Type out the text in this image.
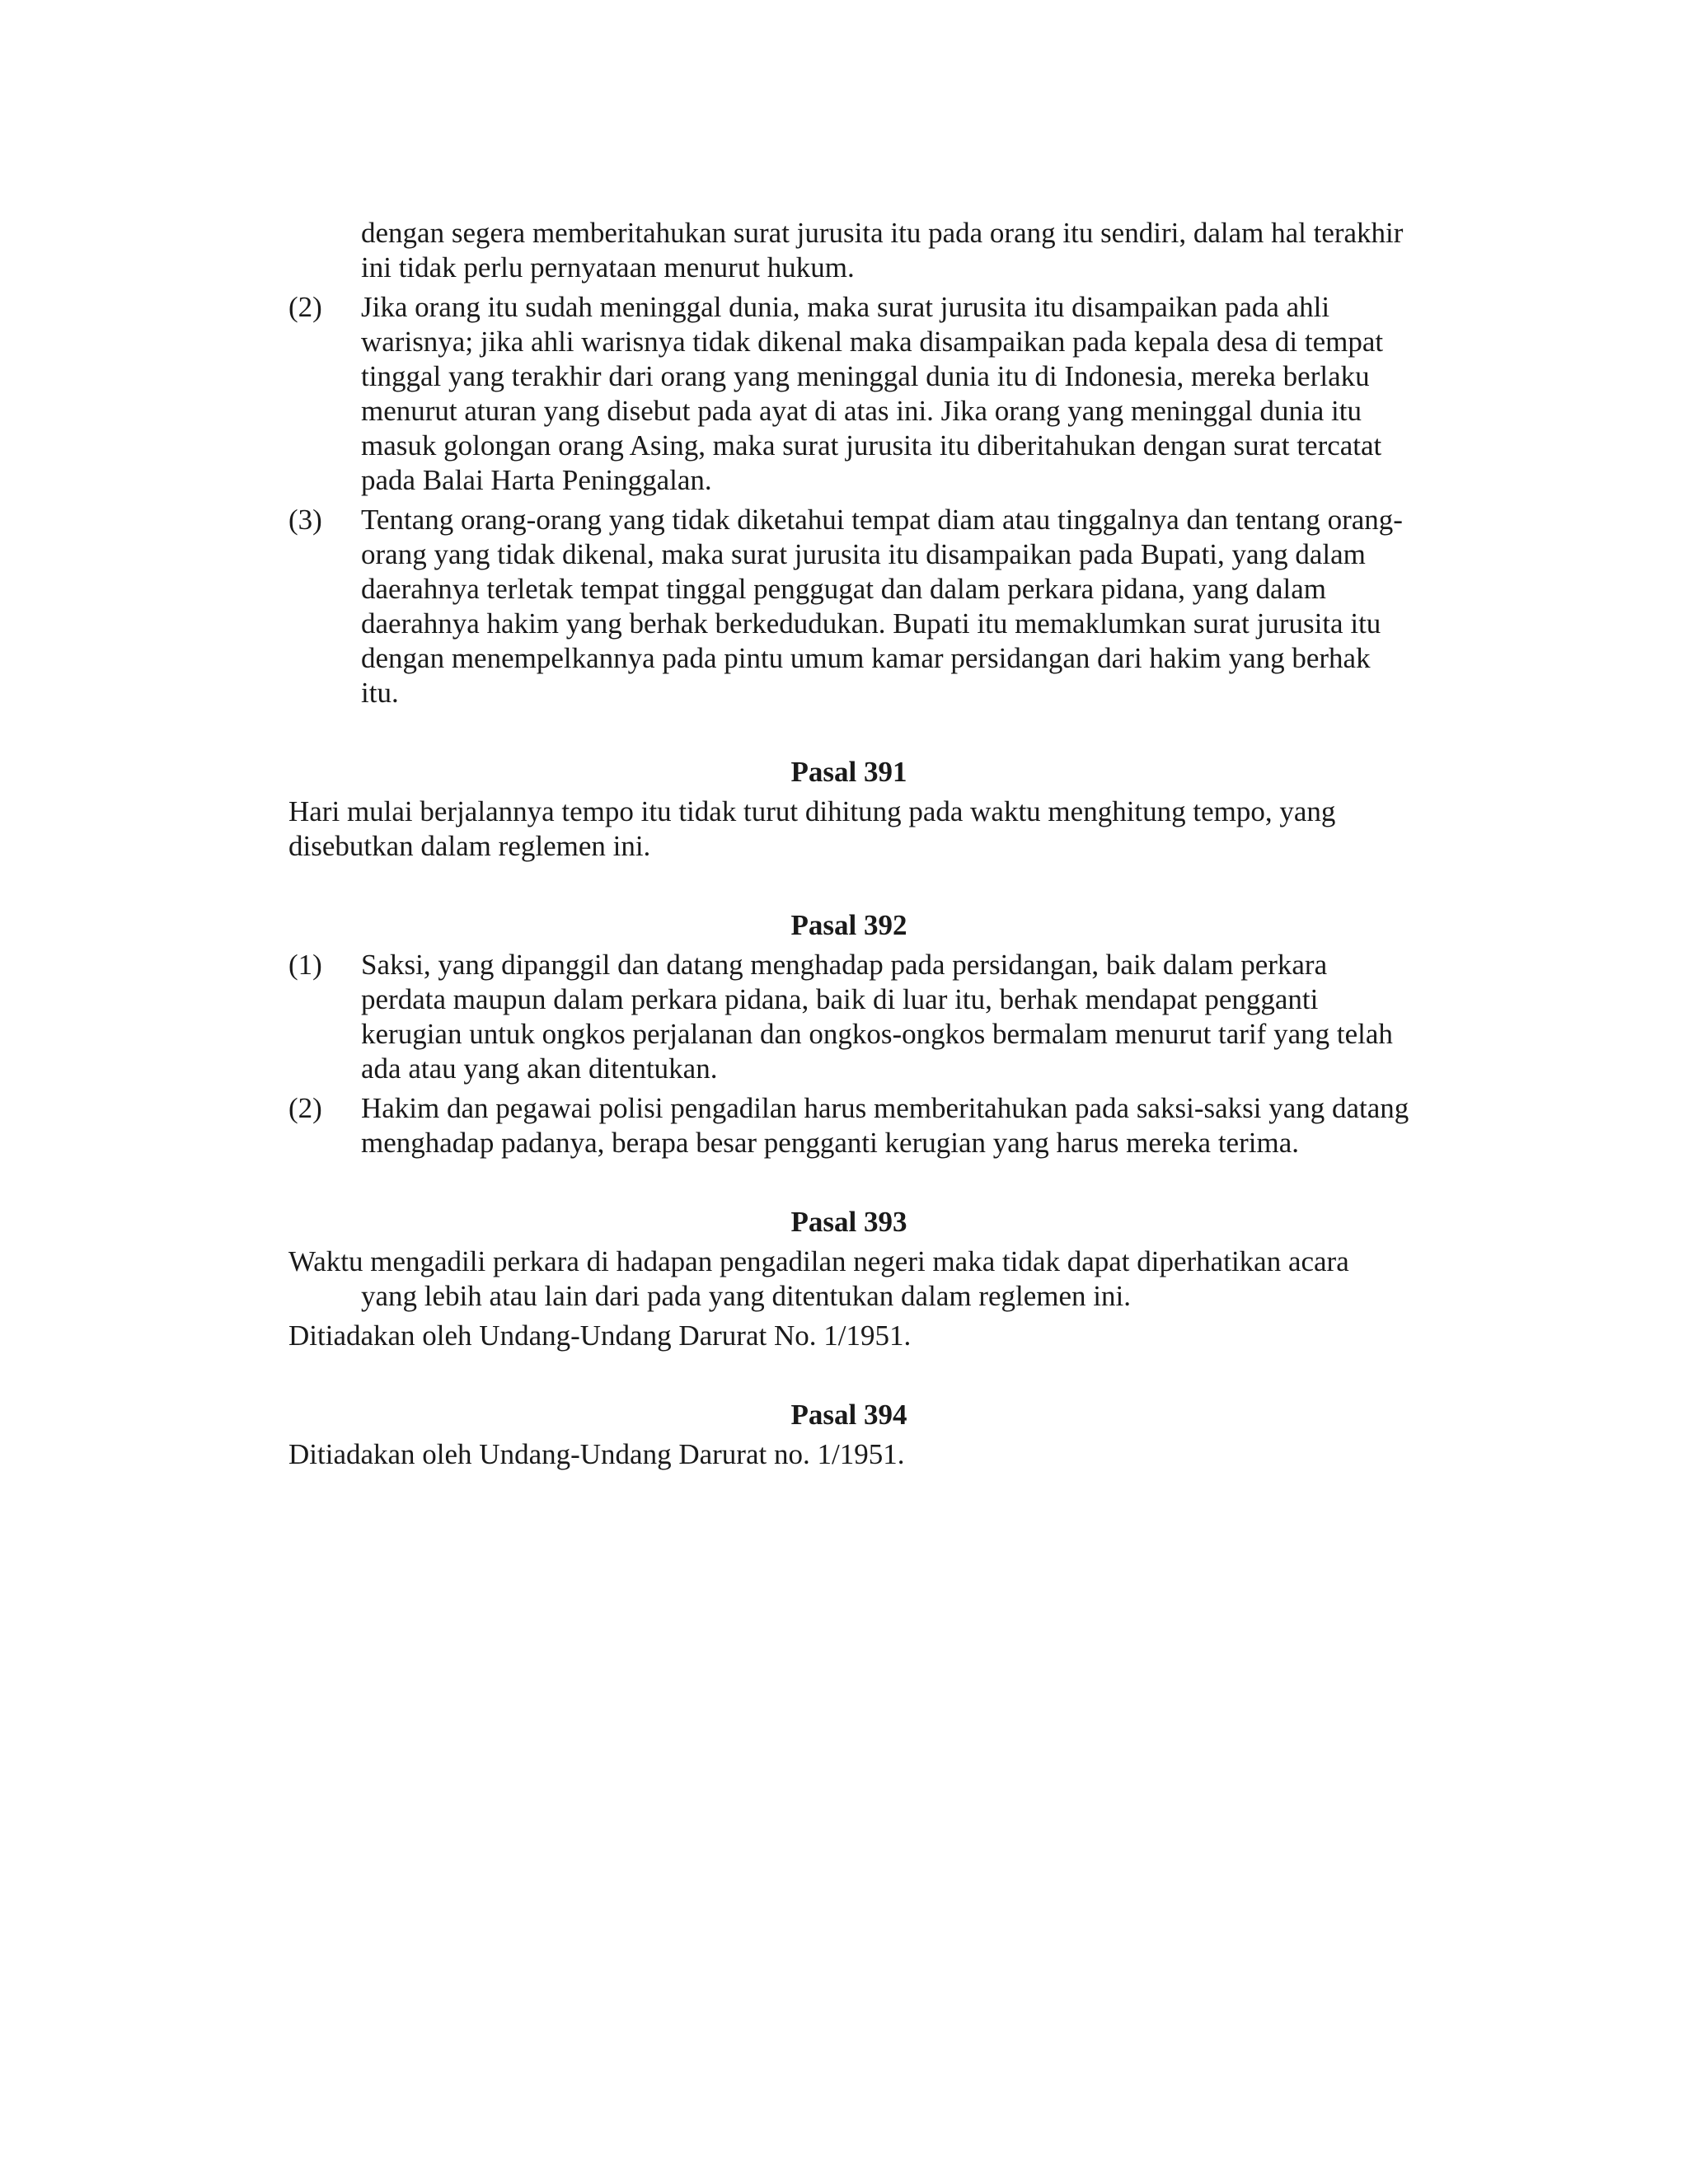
dengan segera memberitahukan surat jurusita itu pada orang itu sendiri, dalam hal terakhir ini tidak perlu pernyataan menurut hukum.
(2)	Jika orang itu sudah meninggal dunia, maka surat jurusita itu disampaikan pada ahli warisnya; jika ahli warisnya tidak dikenal maka disampaikan pada kepala desa di tempat tinggal yang terakhir dari orang yang meninggal dunia itu di Indonesia, mereka berlaku menurut aturan yang disebut pada ayat di atas ini. Jika orang yang meninggal dunia itu masuk golongan orang Asing, maka surat jurusita itu diberitahukan dengan surat tercatat pada Balai Harta Peninggalan.
(3)	Tentang orang-orang yang tidak diketahui tempat diam atau tinggalnya dan tentang orang-orang yang tidak dikenal, maka surat jurusita itu disampaikan pada Bupati, yang dalam daerahnya terletak tempat tinggal penggugat dan dalam perkara pidana, yang dalam daerahnya hakim yang berhak berkedudukan. Bupati itu memaklumkan surat jurusita itu dengan menempelkannya pada pintu umum kamar persidangan dari hakim yang berhak itu.
Pasal 391
Hari mulai berjalannya tempo itu tidak turut dihitung pada waktu menghitung tempo, yang disebutkan dalam reglemen ini.
Pasal 392
(1)	Saksi, yang dipanggil dan datang menghadap pada persidangan, baik dalam perkara perdata maupun dalam perkara pidana, baik di luar itu, berhak mendapat pengganti kerugian untuk ongkos perjalanan dan ongkos-ongkos bermalam menurut tarif yang telah ada atau yang akan ditentukan.
(2)	Hakim dan pegawai polisi pengadilan harus memberitahukan pada saksi-saksi yang datang menghadap padanya, berapa besar pengganti kerugian yang harus mereka terima.
Pasal 393
Waktu mengadili perkara di hadapan pengadilan negeri maka tidak dapat diperhatikan acara yang lebih atau lain dari pada yang ditentukan dalam reglemen ini.
Ditiadakan oleh Undang-Undang Darurat No. 1/1951.
Pasal 394
Ditiadakan oleh Undang-Undang Darurat no. 1/1951.
